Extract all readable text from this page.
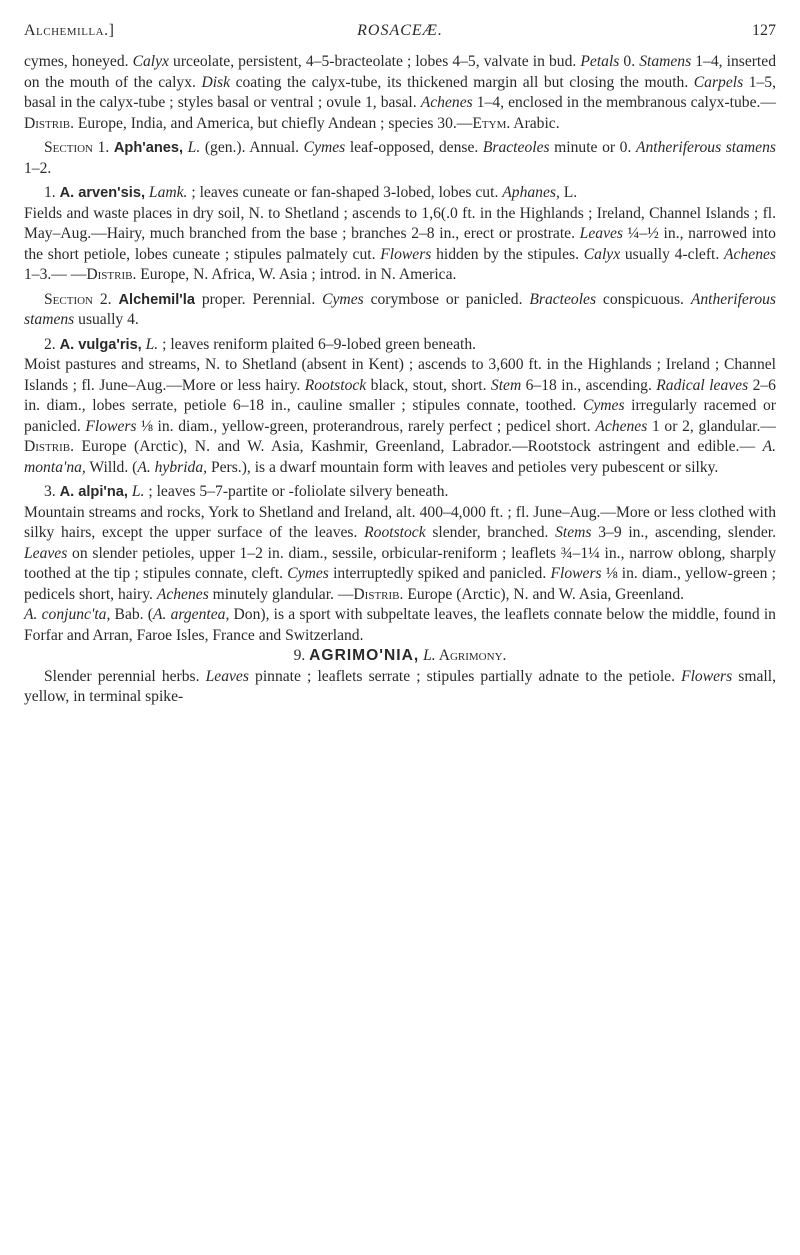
Alchemilla.]	ROSACEÆ.	127

cymes, honeyed. Calyx urceolate, persistent, 4–5-bracteolate ; lobes 4–5, valvate in bud. Petals 0. Stamens 1–4, inserted on the mouth of the calyx. Disk coating the calyx-tube, its thickened margin all but closing the mouth. Carpels 1–5, basal in the calyx-tube ; styles basal or ventral ; ovule 1, basal. Achenes 1–4, enclosed in the membranous calyx-tube.—Distrib. Europe, India, and America, but chiefly Andean ; species 30.—Etym. Arabic.

Section 1. Aph'anes, L. (gen.). Annual. Cymes leaf-opposed, dense. Bracteoles minute or 0. Antheriferous stamens 1–2.

1. A. arven'sis, Lamk. ; leaves cuneate or fan-shaped 3-lobed, lobes cut. Aphanes, L.

Fields and waste places in dry soil, N. to Shetland ; ascends to 1,6(.0 ft. in the Highlands ; Ireland, Channel Islands ; fl. May–Aug.—Hairy, much branched from the base ; branches 2–8 in., erect or prostrate. Leaves ¼–½ in., narrowed into the short petiole, lobes cuneate ; stipules palmately cut. Flowers hidden by the stipules. Calyx usually 4-cleft. Achenes 1–3.— —Distrib. Europe, N. Africa, W. Asia ; introd. in N. America.

Section 2. Alchemil'la proper. Perennial. Cymes corymbose or panicled. Bracteoles conspicuous. Antheriferous stamens usually 4.

2. A. vulga'ris, L. ; leaves reniform plaited 6–9-lobed green beneath.

Moist pastures and streams, N. to Shetland (absent in Kent) ; ascends to 3,600 ft. in the Highlands ; Ireland ; Channel Islands ; fl. June–Aug.—More or less hairy. Rootstock black, stout, short. Stem 6–18 in., ascending. Radical leaves 2–6 in. diam., lobes serrate, petiole 6–18 in., cauline smaller ; stipules connate, toothed. Cymes irregularly racemed or panicled. Flowers ⅛ in. diam., yellow-green, proterandrous, rarely perfect ; pedicel short. Achenes 1 or 2, glandular.—Distrib. Europe (Arctic), N. and W. Asia, Kashmir, Greenland, Labrador.—Rootstock astringent and edible.— A. monta'na, Willd. (A. hybrida, Pers.), is a dwarf mountain form with leaves and petioles very pubescent or silky.

3. A. alpi'na, L. ; leaves 5–7-partite or -foliolate silvery beneath.

Mountain streams and rocks, York to Shetland and Ireland, alt. 400–4,000 ft. ; fl. June–Aug.—More or less clothed with silky hairs, except the upper surface of the leaves. Rootstock slender, branched. Stems 3–9 in., ascending, slender. Leaves on slender petioles, upper 1–2 in. diam., sessile, orbicular-reniform ; leaflets ¾–1¼ in., narrow oblong, sharply toothed at the tip ; stipules connate, cleft. Cymes interruptedly spiked and panicled. Flowers ⅛ in. diam., yellow-green ; pedicels short, hairy. Achenes minutely glandular. —Distrib. Europe (Arctic), N. and W. Asia, Greenland.

A. conjunc'ta, Bab. (A. argentea, Don), is a sport with subpeltate leaves, the leaflets connate below the middle, found in Forfar and Arran, Faroe Isles, France and Switzerland.

9. AGRIMO'NIA, L. Agrimony.

Slender perennial herbs. Leaves pinnate ; leaflets serrate ; stipules partially adnate to the petiole. Flowers small, yellow, in terminal spike-
